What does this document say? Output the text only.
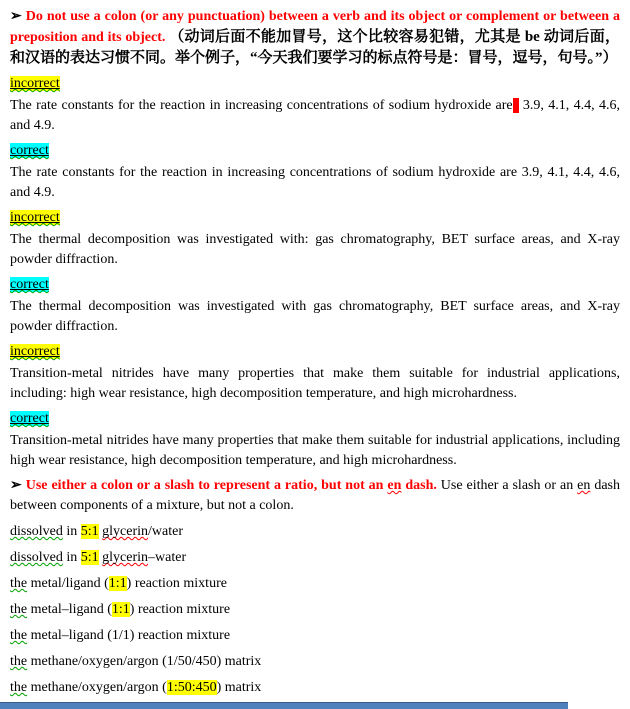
➢ Do not use a colon (or any punctuation) between a verb and its object or complement or between a preposition and its object. （动词后面不能加冒号，这个比较容易犯错，尤其是 be 动词后面，和汉语的表达习惯不同。举个例子，“今天我们要学习的标点符号是：冒号，逗号，句号。”）

incorrect

The rate constants for the reaction in increasing concentrations of sodium hydroxide are: 3.9, 4.1, 4.4, 4.6, and 4.9.

correct

The rate constants for the reaction in increasing concentrations of sodium hydroxide are 3.9, 4.1, 4.4, 4.6, and 4.9.

incorrect

The thermal decomposition was investigated with: gas chromatography, BET surface areas, and X-ray powder diffraction.

correct

The thermal decomposition was investigated with gas chromatography, BET surface areas, and X-ray powder diffraction.

incorrect

Transition-metal nitrides have many properties that make them suitable for industrial applications, including: high wear resistance, high decomposition temperature, and high microhardness.

correct

Transition-metal nitrides have many properties that make them suitable for industrial applications, including high wear resistance, high decomposition temperature, and high microhardness.

➢ Use either a colon or a slash to represent a ratio, but not an en dash. Use either a slash or an en dash between components of a mixture, but not a colon.

dissolved in 5:1 glycerin/water

dissolved in 5:1 glycerin–water

the metal/ligand (1:1) reaction mixture

the metal–ligand (1:1) reaction mixture

the metal–ligand (1/1) reaction mixture

the methane/oxygen/argon (1/50/450) matrix

the methane/oxygen/argon (1:50:450) matrix
